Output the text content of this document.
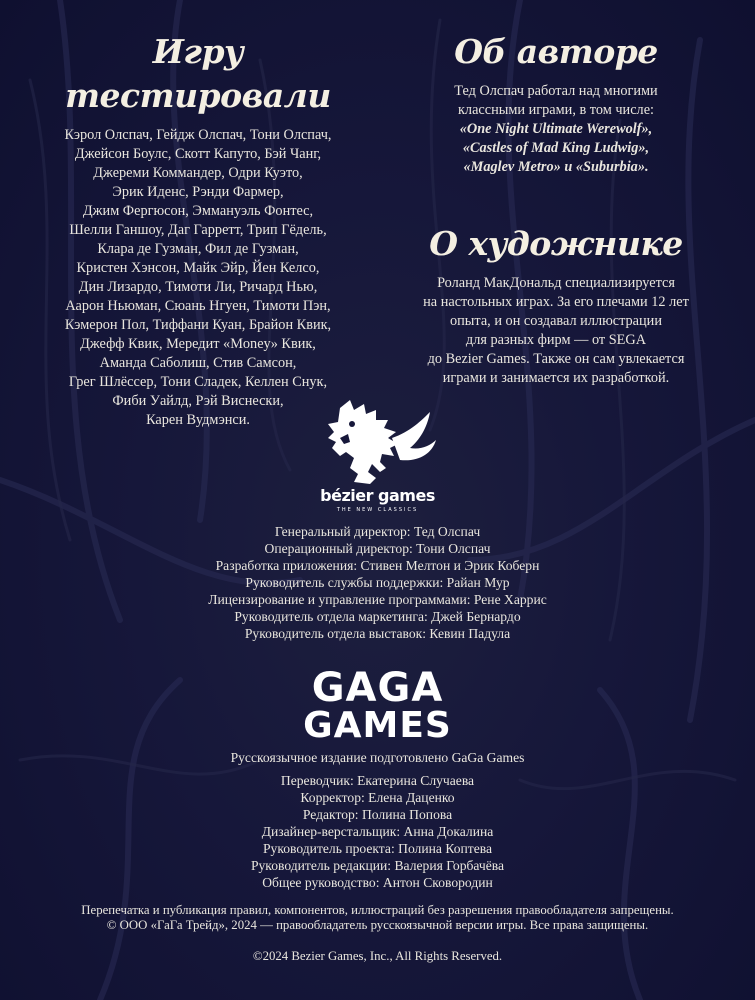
Игру тестировали
Кэрол Олспач, Гейдж Олспач, Тони Олспач,
Джейсон Боулс, Скотт Капуто, Бэй Чанг,
Джереми Коммандер, Одри Куэто,
Эрик Иденс, Рэнди Фармер,
Джим Фергюсон, Эммануэль Фонтес,
Шелли Ганшоу, Даг Гарретт, Трип Гёдель,
Клара де Гузман, Фил де Гузман,
Кристен Хэнсон, Майк Эйр, Йен Келсо,
Дин Лизардо, Тимоти Ли, Ричард Нью,
Аарон Ньюман, Сюань Нгуен, Тимоти Пэн,
Кэмерон Пол, Тиффани Куан, Брайон Квик,
Джефф Квик, Мередит «Money» Квик,
Аманда Саболиш, Стив Самсон,
Грег Шлёссер, Тони Сладек, Келлен Снук,
Фиби Уайлд, Рэй Виснески,
Карен Вудмэнси.
Об авторе
Тед Олспач работал над многими
классными играми, в том числе:
«One Night Ultimate Werewolf»,
«Castles of Mad King Ludwig»,
«Maglev Metro» и «Suburbia».
О художнике
Роланд МакДональд специализируется
на настольных играх. За его плечами 12 лет
опыта, и он создавал иллюстрации
для разных фирм — от SEGA
до Bezier Games. Также он сам увлекается
играми и занимается их разработкой.
bézier games
THE NEW CLASSICS
Генеральный директор: Тед Олспач
Операционный директор: Тони Олспач
Разработка приложения: Стивен Мелтон и Эрик Коберн
Руководитель службы поддержки: Райан Мур
Лицензирование и управление программами: Рене Харрис
Руководитель отдела маркетинга: Джей Бернардо
Руководитель отдела выставок: Кевин Падула
GAGA
GAMES
Русскоязычное издание подготовлено GaGa Games
Переводчик: Екатерина Случаева
Корректор: Елена Даценко
Редактор: Полина Попова
Дизайнер-верстальщик: Анна Докалина
Руководитель проекта: Полина Коптева
Руководитель редакции: Валерия Горбачёва
Общее руководство: Антон Сковородин
Перепечатка и публикация правил, компонентов, иллюстраций без разрешения правообладателя запрещены.
© ООО «ГаГа Трейд», 2024 — правообладатель русскоязычной версии игры. Все права защищены.
©2024 Bezier Games, Inc., All Rights Reserved.
